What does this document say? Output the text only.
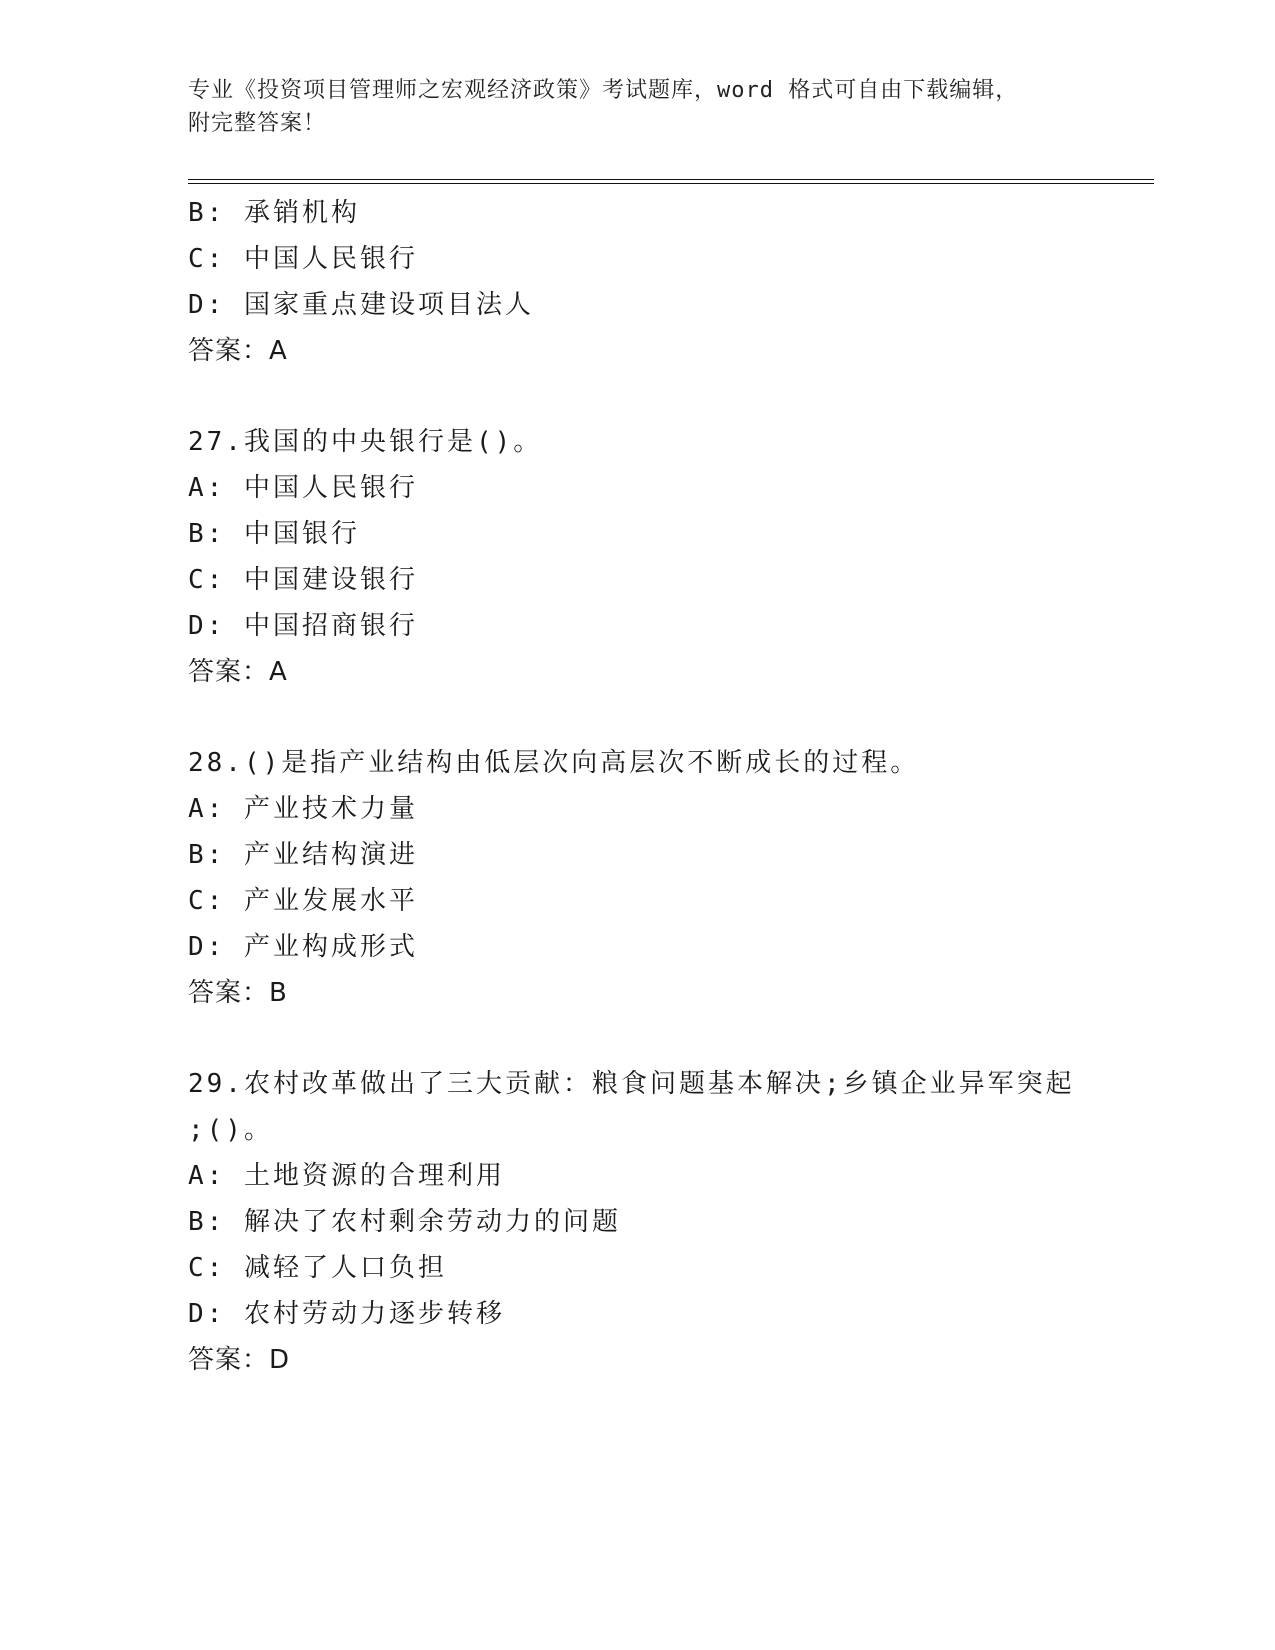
专业《投资项目管理师之宏观经济政策》考试题库，word 格式可自由下载编辑，
附完整答案！
B: 承销机构
C: 中国人民银行
D: 国家重点建设项目法人
答案：A
27.我国的中央银行是()。
A: 中国人民银行
B: 中国银行
C: 中国建设银行
D: 中国招商银行
答案：A
28.()是指产业结构由低层次向高层次不断成长的过程。
A: 产业技术力量
B: 产业结构演进
C: 产业发展水平
D: 产业构成形式
答案：B
29.农村改革做出了三大贡献：粮食问题基本解决;乡镇企业异军突起
;()。
A: 土地资源的合理利用
B: 解决了农村剩余劳动力的问题
C: 减轻了人口负担
D: 农村劳动力逐步转移
答案：D
